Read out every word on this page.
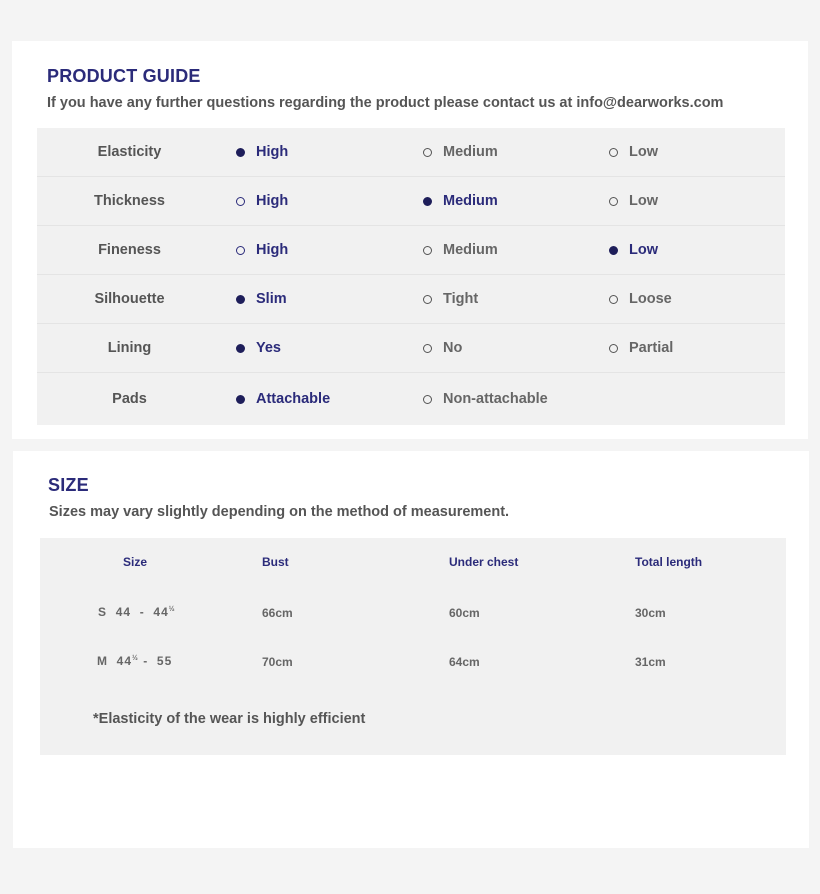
PRODUCT GUIDE

If you have any further questions regarding the product please contact us at info@dearworks.com

Elasticity	High	Medium	Low
Thickness	High	Medium	Low
Fineness	High	Medium	Low
Silhouette	Slim	Tight	Loose
Lining	Yes	No	Partial
Pads	Attachable	Non-attachable
SIZE

Sizes may vary slightly depending on the method of measurement.

Size	Bust	Under chest	Total length
S $44 - 44^{\frac{1}{2}}$	66cm	60cm	30cm
M $44^{\frac{1}{2}} - 55$	70cm	64cm	31cm

*Elasticity of the wear is highly efficient
